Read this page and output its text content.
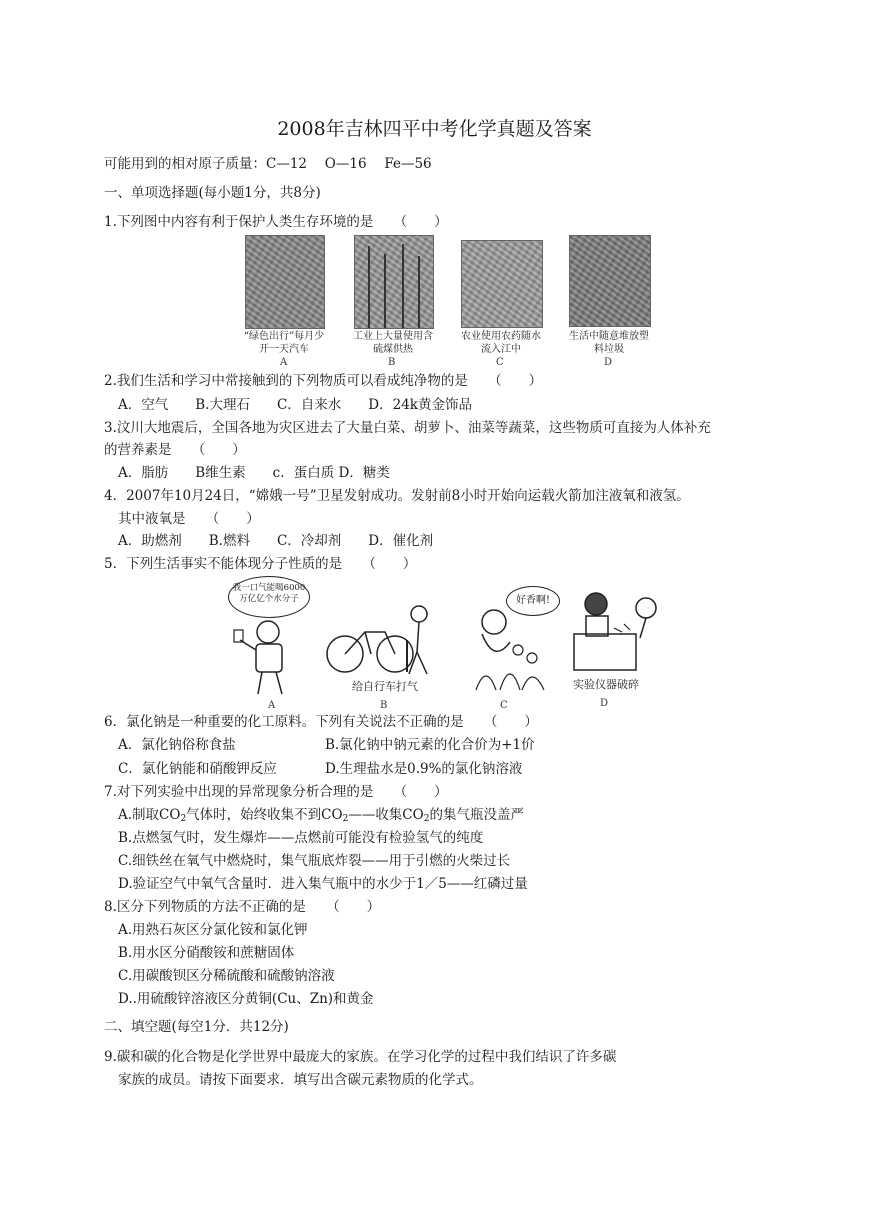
2008年吉林四平中考化学真题及答案
可能用到的相对原子质量：C—12　 O—16　 Fe—56
一、单项选择题(每小题1分，共8分)
1.下列图中内容有利于保护人类生存环境的是　　（　　）
“绿色出行”每月少开一天汽车
工业上大量使用含硫煤供热
B
农业使用农药随水流入江中
C
生活中随意堆放塑料垃圾
D
A
2.我们生活和学习中常接触到的下列物质可以看成纯净物的是　　（　　）
A．空气　　B.大理石　　C．自来水　　D．24k黄金饰品
3.汶川大地震后，全国各地为灾区进去了大量白菜、胡萝卜、油菜等蔬菜，这些物质可直接为人体补充
的营养素是　　（　　）
A．脂肪　　B维生素　　c．蛋白质 D．糖类
4．2007年10月24日，“嫦娥一号”卫星发射成功。发射前8小时开始向运载火箭加注液氧和液氢。
其中液氧是　　（　　）
A．助燃剂　　B.燃料　　C．冷却剂　　D．催化剂
5．下列生活事实不能体现分子性质的是　　（　　）
我一口气能喝6000万亿亿个水分子
A
给自行车打气
B
好香啊!
C
实验仪器破碎
D
6．氯化钠是一种重要的化工原料。下列有关说法不正确的是　　（　　）
A．氯化钠俗称食盐	B.氯化钠中钠元素的化合价为+1价
C．氯化钠能和硝酸钾反应	D.生理盐水是0.9%的氯化钠溶液
7.对下列实验中出现的异常现象分析合理的是　　（　　）
A.制取$CO_2$气体时，始终收集不到$CO_2——$收集$CO_2$的集气瓶没盖严
B.点燃氢气时，发生爆炸——点燃前可能没有检验氢气的纯度
C.细铁丝在氧气中燃烧时，集气瓶底炸裂——用于引燃的火柴过长
D.验证空气中氧气含量时．进入集气瓶中的水少于1／5——红磷过量
8.区分下列物质的方法不正确的是　　（　　）
A.用熟石灰区分氯化铵和氯化钾
B.用水区分硝酸铵和蔗糖固体
C.用碳酸钡区分稀硫酸和硫酸钠溶液
D..用硫酸锌溶液区分黄铜(Cu、Zn)和黄金
二、填空题(每空1分．共12分)
9.碳和碳的化合物是化学世界中最庞大的家族。在学习化学的过程中我们结识了许多碳
家族的成员。请按下面要求．填写出含碳元素物质的化学式。
